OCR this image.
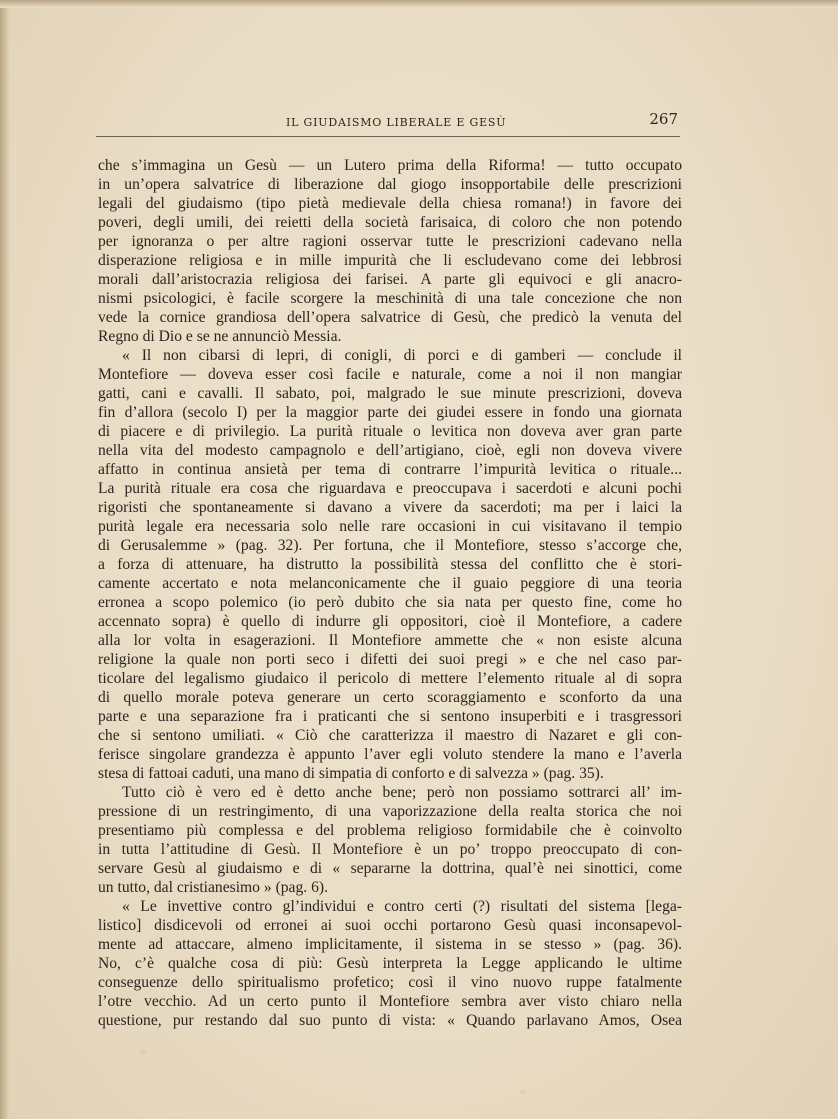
IL GIUDAISMO LIBERALE E GESÙ	267
che s’immagina un Gesù — un Lutero prima della Riforma! — tutto occupato
in un’opera salvatrice di liberazione dal giogo insopportabile delle prescrizioni
legali del giudaismo (tipo pietà medievale della chiesa romana!) in favore dei
poveri, degli umili, dei reietti della società farisaica, di coloro che non potendo
per ignoranza o per altre ragioni osservar tutte le prescrizioni cadevano nella
disperazione religiosa e in mille impurità che li escludevano come dei lebbrosi
morali dall’aristocrazia religiosa dei farisei. A parte gli equivoci e gli anacro-
nismi psicologici, è facile scorgere la meschinità di una tale concezione che non
vede la cornice grandiosa dell’opera salvatrice di Gesù, che predicò la venuta del
Regno di Dio e se ne annunciò Messia.
« Il non cibarsi di lepri, di conigli, di porci e di gamberi — conclude il
Montefiore — doveva esser così facile e naturale, come a noi il non mangiar
gatti, cani e cavalli. Il sabato, poi, malgrado le sue minute prescrizioni, doveva
fin d’allora (secolo I) per la maggior parte dei giudei essere in fondo una giornata
di piacere e di privilegio. La purità rituale o levitica non doveva aver gran parte
nella vita del modesto campagnolo e dell’artigiano, cioè, egli non doveva vivere
affatto in continua ansietà per tema di contrarre l’impurità levitica o rituale...
La purità rituale era cosa che riguardava e preoccupava i sacerdoti e alcuni pochi
rigoristi che spontaneamente si davano a vivere da sacerdoti; ma per i laici la
purità legale era necessaria solo nelle rare occasioni in cui visitavano il tempio
di Gerusalemme » (pag. 32). Per fortuna, che il Montefiore, stesso s’accorge che,
a forza di attenuare, ha distrutto la possibilità stessa del conflitto che è stori-
camente accertato e nota melanconicamente che il guaio peggiore di una teoria
erronea a scopo polemico (io però dubito che sia nata per questo fine, come ho
accennato sopra) è quello di indurre gli oppositori, cioè il Montefiore, a cadere
alla lor volta in esagerazioni. Il Montefiore ammette che « non esiste alcuna
religione la quale non porti seco i difetti dei suoi pregi » e che nel caso par-
ticolare del legalismo giudaico il pericolo di mettere l’elemento rituale al di sopra
di quello morale poteva generare un certo scoraggiamento e sconforto da una
parte e una separazione fra i praticanti che si sentono insuperbiti e i trasgressori
che si sentono umiliati. « Ciò che caratterizza il maestro di Nazaret e gli con-
ferisce singolare grandezza è appunto l’aver egli voluto stendere la mano e l’averla
stesa di fattoai caduti, una mano di simpatia di conforto e di salvezza » (pag. 35).
Tutto ciò è vero ed è detto anche bene; però non possiamo sottrarci all’ im-
pressione di un restringimento, di una vaporizzazione della realta storica che noi
presentiamo più complessa e del problema religioso formidabile che è coinvolto
in tutta l’attitudine di Gesù. Il Montefiore è un po’ troppo preoccupato di con-
servare Gesù al giudaismo e di « separarne la dottrina, qual’è nei sinottici, come
un tutto, dal cristianesimo » (pag. 6).
« Le invettive contro gl’individui e contro certi (?) risultati del sistema [lega-
listico] disdicevoli od erronei ai suoi occhi portarono Gesù quasi inconsapevol-
mente ad attaccare, almeno implicitamente, il sistema in se stesso » (pag. 36).
No, c’è qualche cosa di più: Gesù interpreta la Legge applicando le ultime
conseguenze dello spiritualismo profetico; così il vino nuovo ruppe fatalmente
l’otre vecchio. Ad un certo punto il Montefiore sembra aver visto chiaro nella
questione, pur restando dal suo punto di vista: « Quando parlavano Amos, Osea
